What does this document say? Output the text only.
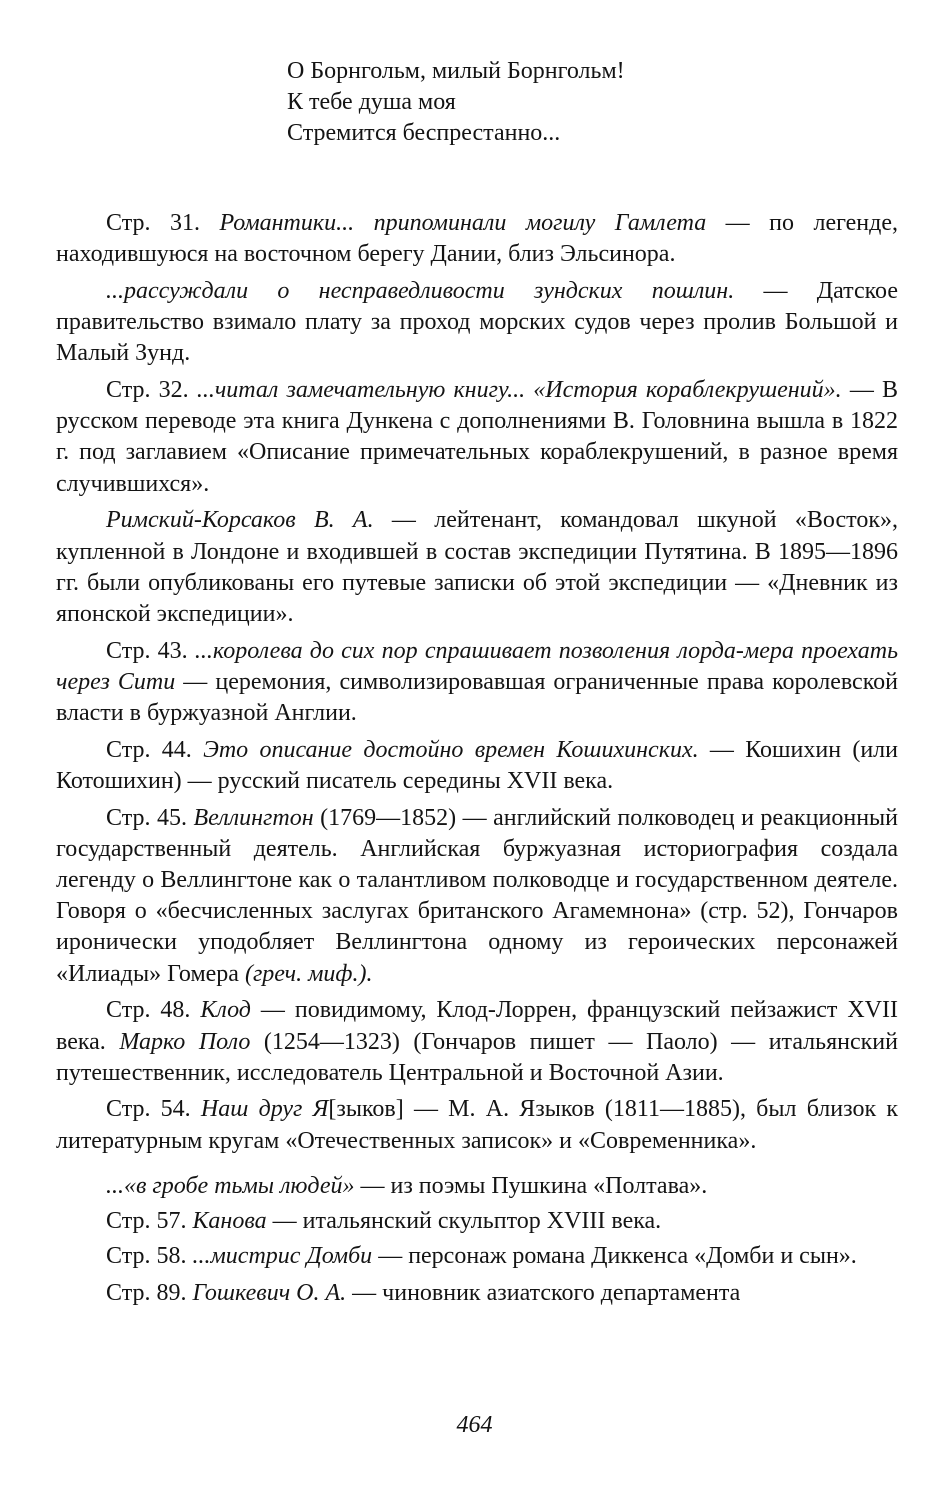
О Борнгольм, милый Борнгольм!
К тебе душа моя
Стремится беспрестанно...

Стр. 31. Романтики... припоминали могилу Гамлета — по легенде, находившуюся на восточном берегу Дании, близ Эльсинора.

...рассуждали о несправедливости зундских пошлин. — Датское правительство взимало плату за проход морских судов через пролив Большой и Малый Зунд.

Стр. 32. ...читал замечательную книгу... «История кораблекрушений». — В русском переводе эта книга Дункена с дополнениями В. Головнина вышла в 1822 г. под заглавием «Описание примечательных кораблекрушений, в разное время случившихся».

Римский-Корсаков В. А. — лейтенант, командовал шкуной «Восток», купленной в Лондоне и входившей в состав экспедиции Путятина. В 1895—1896 гг. были опубликованы его путевые записки об этой экспедиции — «Дневник из японской экспедиции».

Стр. 43. ...королева до сих пор спрашивает позволения лорда-мера проехать через Сити — церемония, символизировавшая ограниченные права королевской власти в буржуазной Англии.

Стр. 44. Это описание достойно времен Кошихинских. — Кошихин (или Котошихин) — русский писатель середины XVII века.

Стр. 45. Веллингтон (1769—1852) — английский полководец и реакционный государственный деятель. Английская буржуазная историография создала легенду о Веллингтоне как о талантливом полководце и государственном деятеле. Говоря о «бесчисленных заслугах британского Агамемнона» (стр. 52), Гончаров иронически уподобляет Веллингтона одному из героических персонажей «Илиады» Гомера (греч. миф.).

Стр. 48. Клод — повидимому, Клод-Лоррен, французский пейзажист XVII века. Марко Поло (1254—1323) (Гончаров пишет — Паоло) — итальянский путешественник, исследователь Центральной и Восточной Азии.

Стр. 54. Наш друг Я[зыков] — М. А. Языков (1811—1885), был близок к литературным кругам «Отечественных записок» и «Современника».

...«в гробе тьмы людей» — из поэмы Пушкина «Полтава».

Стр. 57. Канова — итальянский скульптор XVIII века.

Стр. 58. ...мистрис Домби — персонаж романа Диккенса «Домби и сын».

Стр. 89. Гошкевич О. А. — чиновник азиатского департамента

464
